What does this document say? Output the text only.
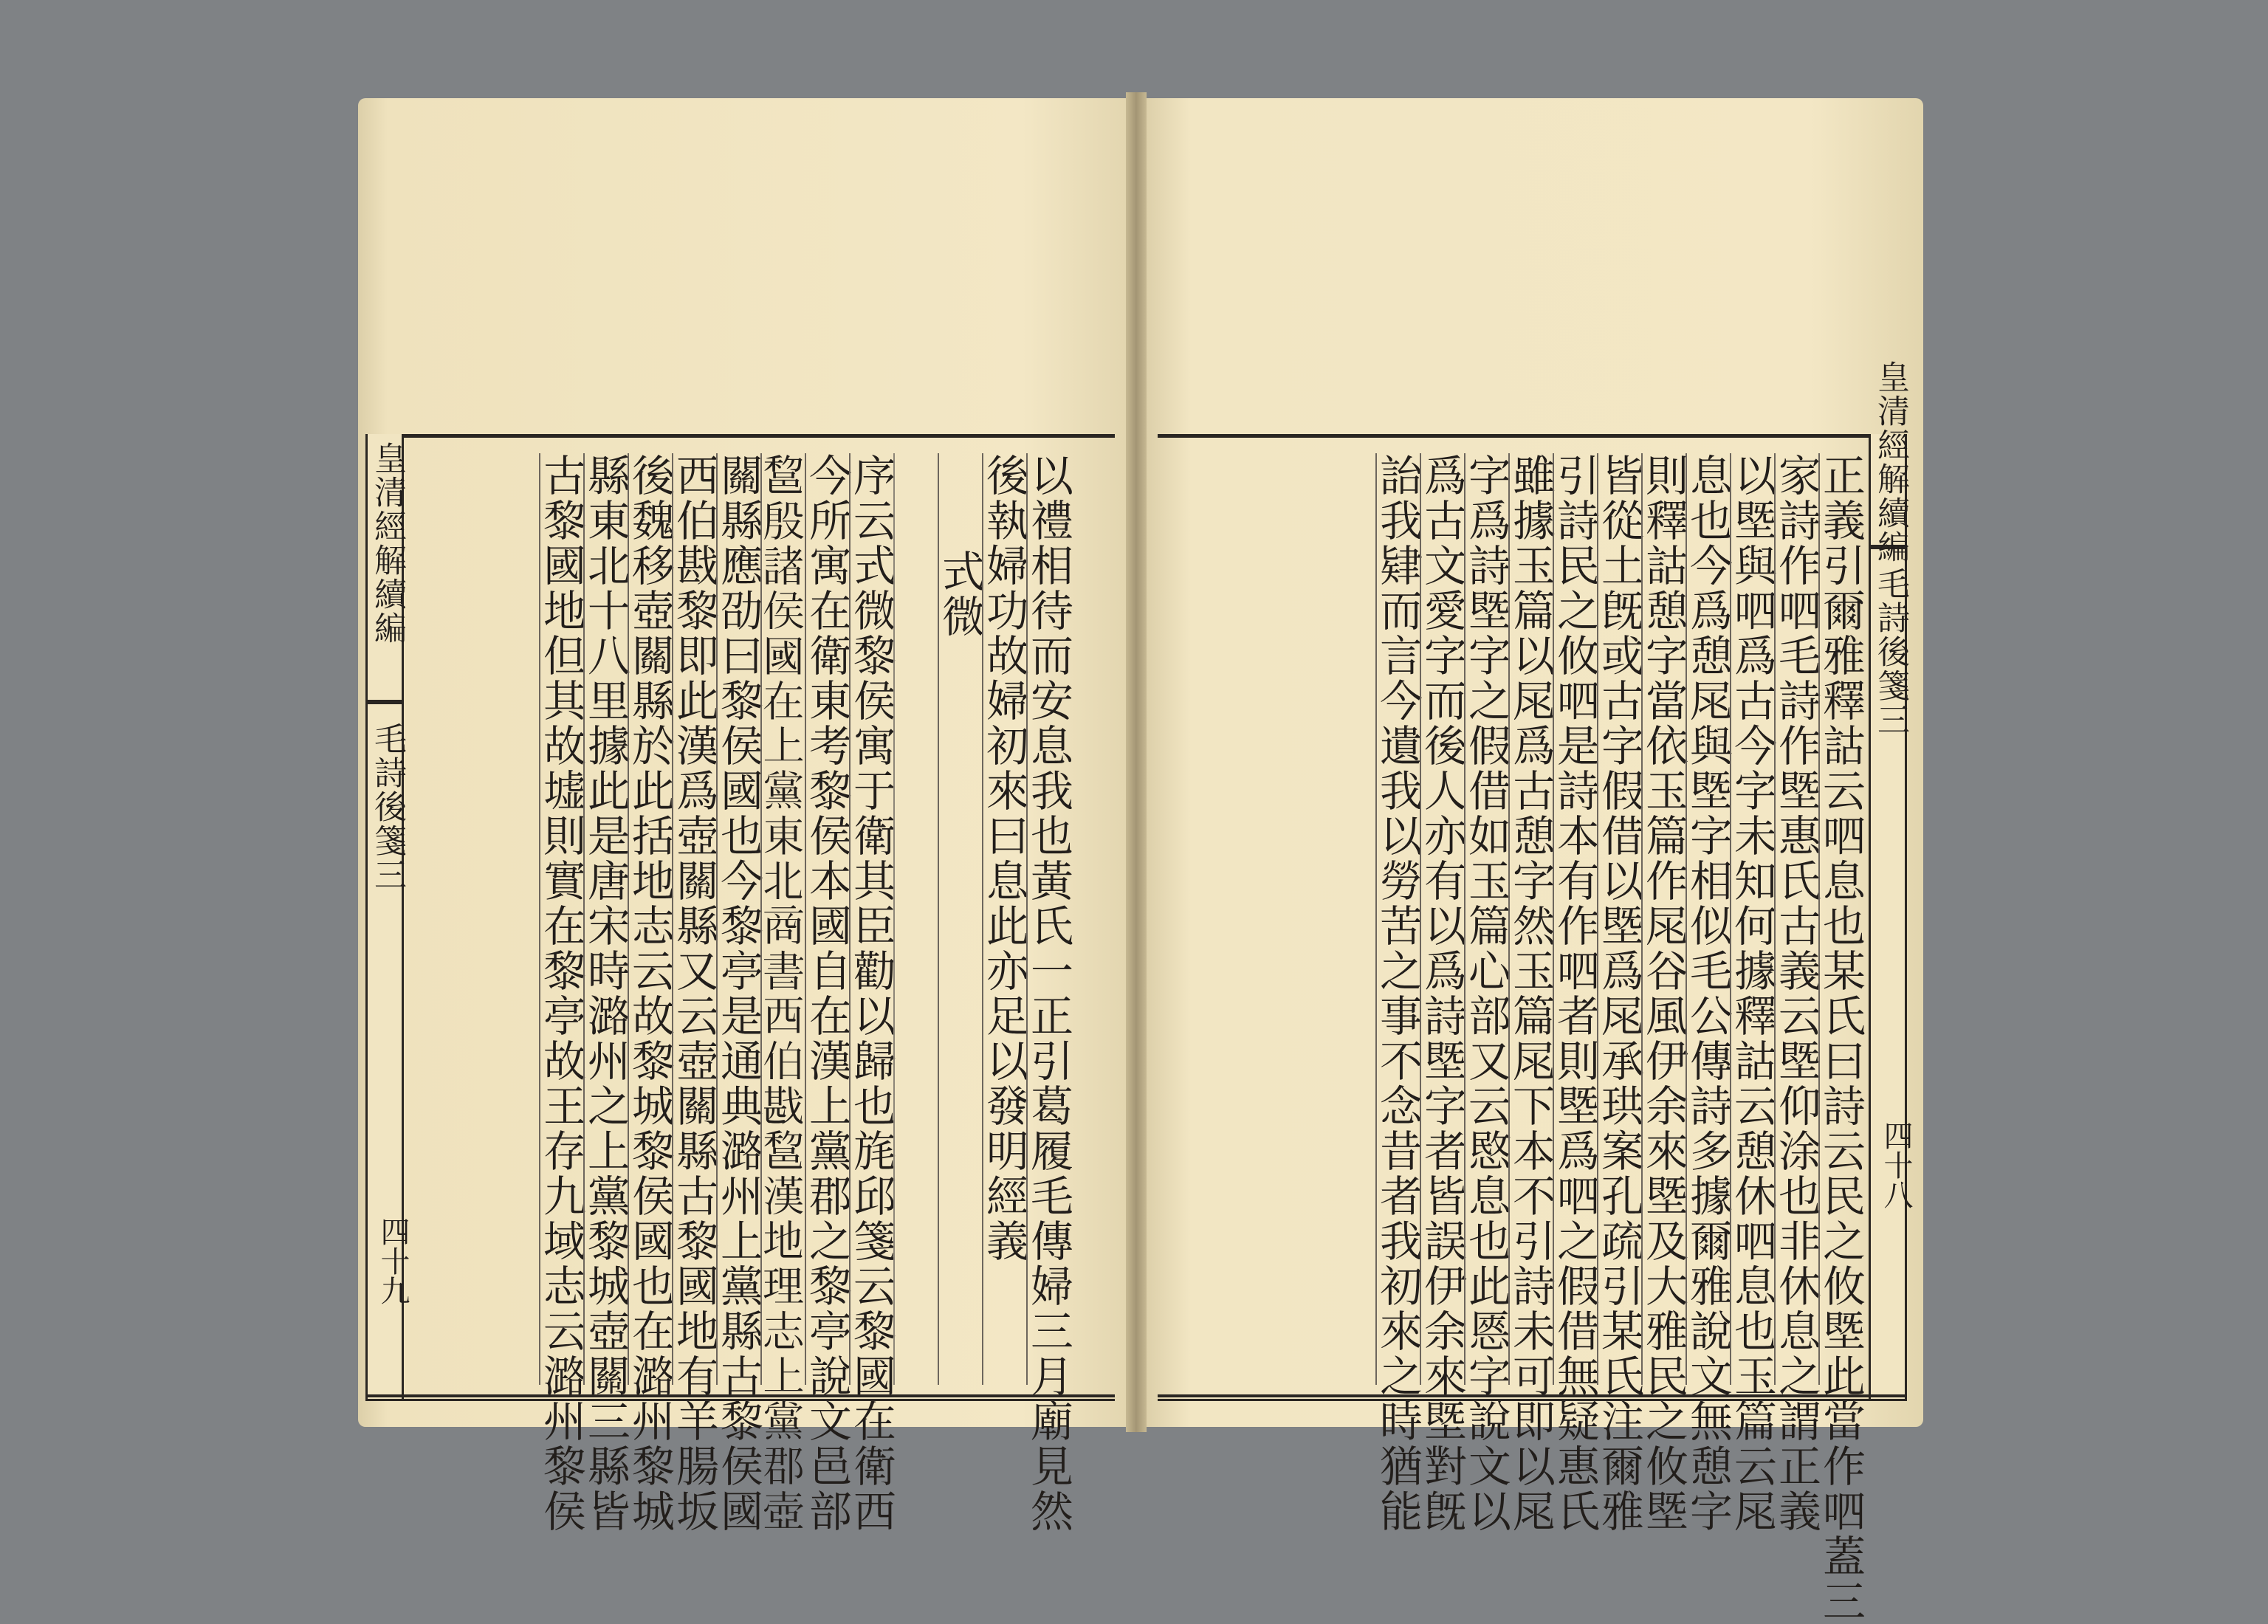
以禮相待而安息我也黃氏一正引葛履毛傳婦三月廟見然
後執婦功故婦初來曰息此亦足以發明經義
式微
序云式微黎侯寓于衛其臣勸以歸也旄邱箋云黎國在衛西
今所寓在衛東考黎侯本國自在漢上黨郡之黎亭說文邑部
𨛫殷諸侯國在上黨東北商書西伯戡𨛫漢地理志上黨郡壺
關縣應劭曰黎侯國也今黎亭是通典潞州上黨縣古黎侯國
西伯戡黎即此漢爲壺關縣又云壺關縣古黎國地有羊腸坂
後魏移壺關縣於此括地志云故黎城黎侯國也在潞州黎城
縣東北十八里據此是唐宋時潞州之上黨黎城壺關三縣皆
古黎國地但其故墟則實在黎亭故王存九域志云潞州黎侯
皇清經解續編
毛詩後箋三
四十九	正義引爾雅釋詁云呬息也某氏曰詩云民之攸塈此當作呬蓋三
家詩作呬毛詩作塈惠氏古義云塈仰涂也非休息之謂正義
以塈與呬爲古今字未知何據釋詁云憩休呬息也玉篇云㞑
息也今爲憩㞑與塈字相似毛公傳詩多據爾雅說文無憩字
則釋詁憩字當依玉篇作㞑谷風伊余來塈及大雅民之攸塈
皆從土旣或古字假借以塈爲㞑承珙案孔疏引某氏注爾雅
引詩民之攸呬是詩本有作呬者則塈爲呬之假借無疑惠氏
雖據玉篇以㞑爲古憩字然玉篇㞑下本不引詩未可即以㞑
字爲詩塈字之假借如玉篇心部又云愍息也此㥦字說文以
爲古文愛字而後人亦有以爲詩塈字者皆誤伊余來塈對旣
詒我肄而言今遺我以勞苦之事不念昔者我初來之時猶能	皇清經解續編
毛詩後箋三
四十八
